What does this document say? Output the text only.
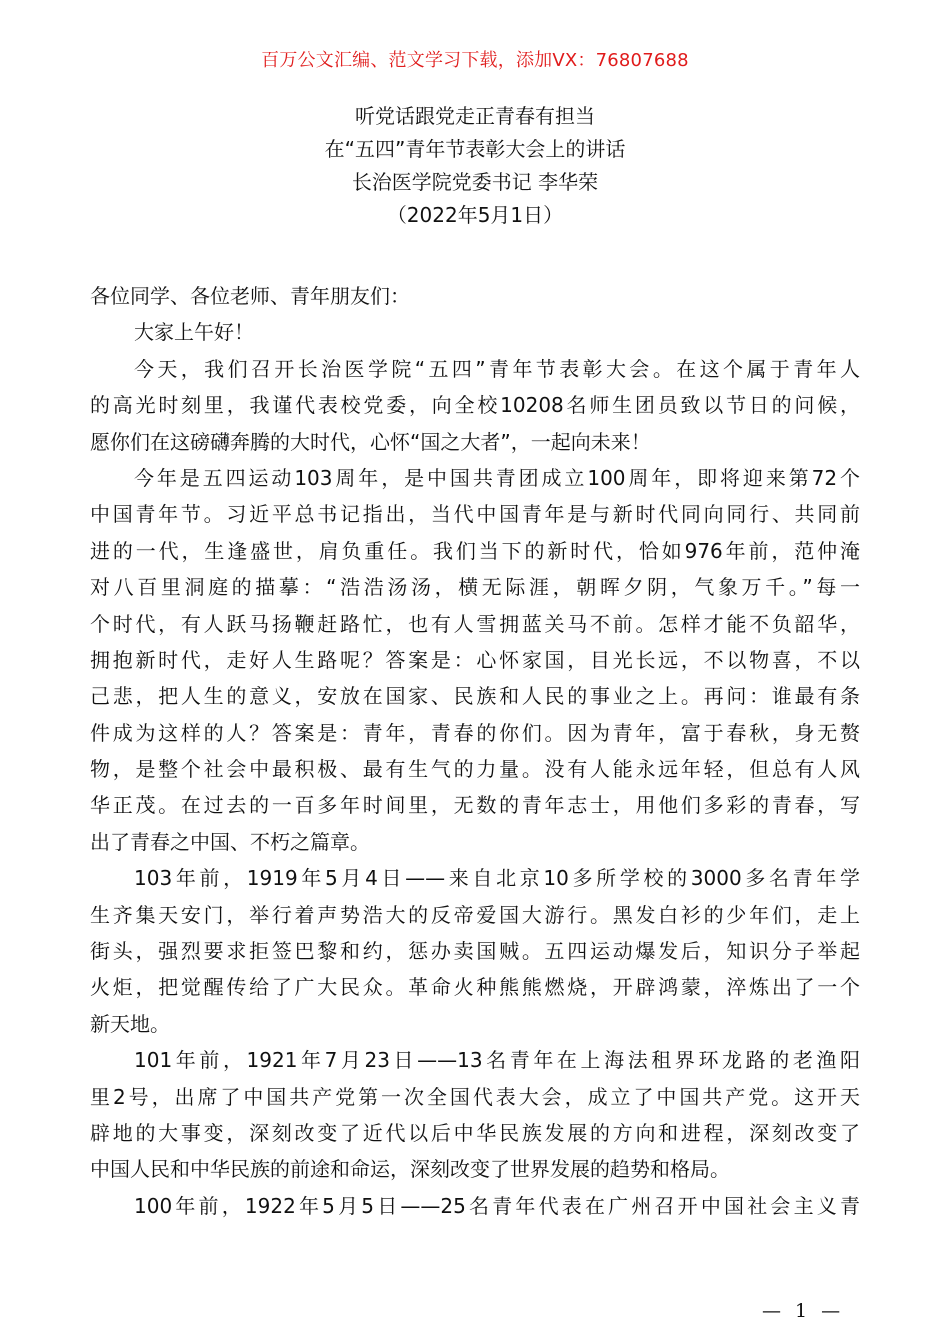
百万公文汇编、范文学习下载，添加VX：76807688
听党话跟党走正青春有担当
在“五四”青年节表彰大会上的讲话
长治医学院党委书记 李华荣
（2022年5月1日）
各位同学、各位老师、青年朋友们：
大家上午好！
今天，我们召开长治医学院“五四”青年节表彰大会。在这个属于青年人
的高光时刻里，我谨代表校党委，向全校10208名师生团员致以节日的问候，
愿你们在这磅礴奔腾的大时代，心怀“国之大者”，一起向未来！
今年是五四运动103周年，是中国共青团成立100周年，即将迎来第72个
中国青年节。习近平总书记指出，当代中国青年是与新时代同向同行、共同前
进的一代，生逢盛世，肩负重任。我们当下的新时代，恰如976年前，范仲淹
对八百里洞庭的描摹：“浩浩汤汤，横无际涯，朝晖夕阴，气象万千。”每一
个时代，有人跃马扬鞭赶路忙，也有人雪拥蓝关马不前。怎样才能不负韶华，
拥抱新时代，走好人生路呢？答案是：心怀家国，目光长远，不以物喜，不以
己悲，把人生的意义，安放在国家、民族和人民的事业之上。再问：谁最有条
件成为这样的人？答案是：青年，青春的你们。因为青年，富于春秋，身无赘
物，是整个社会中最积极、最有生气的力量。没有人能永远年轻，但总有人风
华正茂。在过去的一百多年时间里，无数的青年志士，用他们多彩的青春，写
出了青春之中国、不朽之篇章。
103年前，1919年5月4日——来自北京10多所学校的3000多名青年学
生齐集天安门，举行着声势浩大的反帝爱国大游行。黑发白衫的少年们，走上
街头，强烈要求拒签巴黎和约，惩办卖国贼。五四运动爆发后，知识分子举起
火炬，把觉醒传给了广大民众。革命火种熊熊燃烧，开辟鸿蒙，淬炼出了一个
新天地。
101年前，1921年7月23日——13名青年在上海法租界环龙路的老渔阳
里2号，出席了中国共产党第一次全国代表大会，成立了中国共产党。这开天
辟地的大事变，深刻改变了近代以后中华民族发展的方向和进程，深刻改变了
中国人民和中华民族的前途和命运，深刻改变了世界发展的趋势和格局。
100年前，1922年5月5日——25名青年代表在广州召开中国社会主义青
— 1 —
